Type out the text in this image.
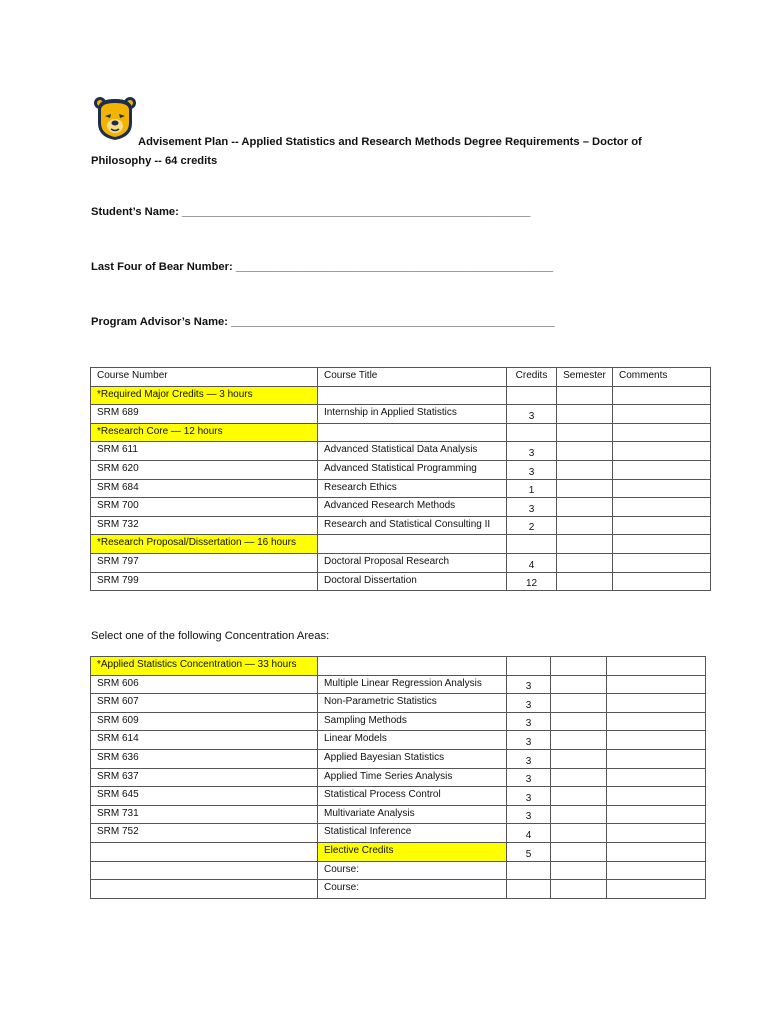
Advisement Plan -- Applied Statistics and Research Methods Degree Requirements – Doctor of
Philosophy -- 64 credits
Student’s Name: ________________________________________________________
Last Four of Bear Number: ___________________________________________________
Program Advisor’s Name: ____________________________________________________
Course Number	Course Title	Credits	Semester	Comments
*Required Major Credits — 3 hours				
SRM 689	Internship in Applied Statistics	3		
*Research Core — 12 hours				
SRM 611	Advanced Statistical Data Analysis	3		
SRM 620	Advanced Statistical Programming	3		
SRM 684	Research Ethics	1		
SRM 700	Advanced Research Methods	3		
SRM 732	Research and Statistical Consulting II	2		
*Research Proposal/Dissertation — 16 hours				
SRM 797	Doctoral Proposal Research	4		
SRM 799	Doctoral Dissertation	12		
Select one of the following Concentration Areas:
*Applied Statistics Concentration — 33 hours				
SRM 606	Multiple Linear Regression Analysis	3		
SRM 607	Non-Parametric Statistics	3		
SRM 609	Sampling Methods	3		
SRM 614	Linear Models	3		
SRM 636	Applied Bayesian Statistics	3		
SRM 637	Applied Time Series Analysis	3		
SRM 645	Statistical Process Control	3		
SRM 731	Multivariate Analysis	3		
SRM 752	Statistical Inference	4		
	Elective Credits	5		
	Course:			
	Course:			
